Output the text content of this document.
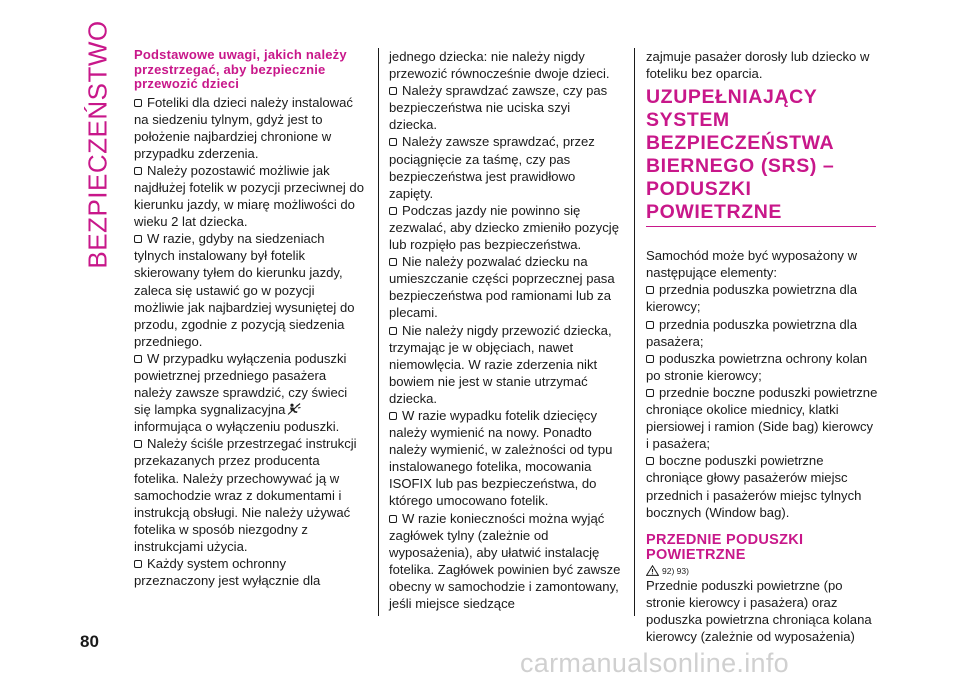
BEZPIECZEŃSTWO Podstawowe uwagi, jakich należy przestrzegać, aby bezpiecznie przewozić dzieci

Foteliki dla dzieci należy instalować na siedzeniu tylnym, gdyż jest to położenie najbardziej chronione w przypadku zderzenia.

Należy pozostawić możliwie jak najdłużej fotelik w pozycji przeciwnej do kierunku jazdy, w miarę możliwości do wieku 2 lat dziecka.

W razie, gdyby na siedzeniach tylnych instalowany był fotelik skierowany tyłem do kierunku jazdy, zaleca się ustawić go w pozycji możliwie jak najbardziej wysuniętej do przodu, zgodnie z pozycją siedzenia przedniego.

W przypadku wyłączenia poduszki powietrznej przedniego pasażera należy zawsze sprawdzić, czy świeci się lampka sygnalizacyjna informująca o wyłączeniu poduszki.

Należy ściśle przestrzegać instrukcji przekazanych przez producenta fotelika. Należy przechowywać ją w samochodzie wraz z dokumentami i instrukcją obsługi. Nie należy używać fotelika w sposób niezgodny z instrukcjami użycia.

Każdy system ochronny przeznaczony jest wyłącznie dla

jednego dziecka: nie należy nigdy przewozić równocześnie dwoje dzieci.

Należy sprawdzać zawsze, czy pas bezpieczeństwa nie uciska szyi dziecka.

Należy zawsze sprawdzać, przez pociągnięcie za taśmę, czy pas bezpieczeństwa jest prawidłowo zapięty.

Podczas jazdy nie powinno się zezwalać, aby dziecko zmieniło pozycję lub rozpięło pas bezpieczeństwa.

Nie należy pozwalać dziecku na umieszczanie części poprzecznej pasa bezpieczeństwa pod ramionami lub za plecami.

Nie należy nigdy przewozić dziecka, trzymając je w objęciach, nawet niemowlęcia. W razie zderzenia nikt bowiem nie jest w stanie utrzymać dziecka.

W razie wypadku fotelik dziecięcy należy wymienić na nowy. Ponadto należy wymienić, w zależności od typu instalowanego fotelika, mocowania ISOFIX lub pas bezpieczeństwa, do którego umocowano fotelik.

W razie konieczności można wyjąć zagłówek tylny (zależnie od wyposażenia), aby ułatwić instalację fotelika. Zagłówek powinien być zawsze obecny w samochodzie i zamontowany, jeśli miejsce siedzące

zajmuje pasażer dorosły lub dziecko w foteliku bez oparcia.

UZUPEŁNIAJĄCY SYSTEM BEZPIECZEŃSTWA BIERNEGO (SRS) – PODUSZKI POWIETRZNE

Samochód może być wyposażony w następujące elementy:

przednia poduszka powietrzna dla kierowcy;

przednia poduszka powietrzna dla pasażera;

poduszka powietrzna ochrony kolan po stronie kierowcy;

przednie boczne poduszki powietrzne chroniące okolice miednicy, klatki piersiowej i ramion (Side bag) kierowcy i pasażera;

boczne poduszki powietrzne chroniące głowy pasażerów miejsc przednich i pasażerów miejsc tylnych bocznych (Window bag).

PRZEDNIE PODUSZKI POWIETRZNE
92) 93)

Przednie poduszki powietrzne (po stronie kierowcy i pasażera) oraz poduszka powietrzna chroniąca kolana kierowcy (zależnie od wyposażenia)

80
carmanualsonline.info
